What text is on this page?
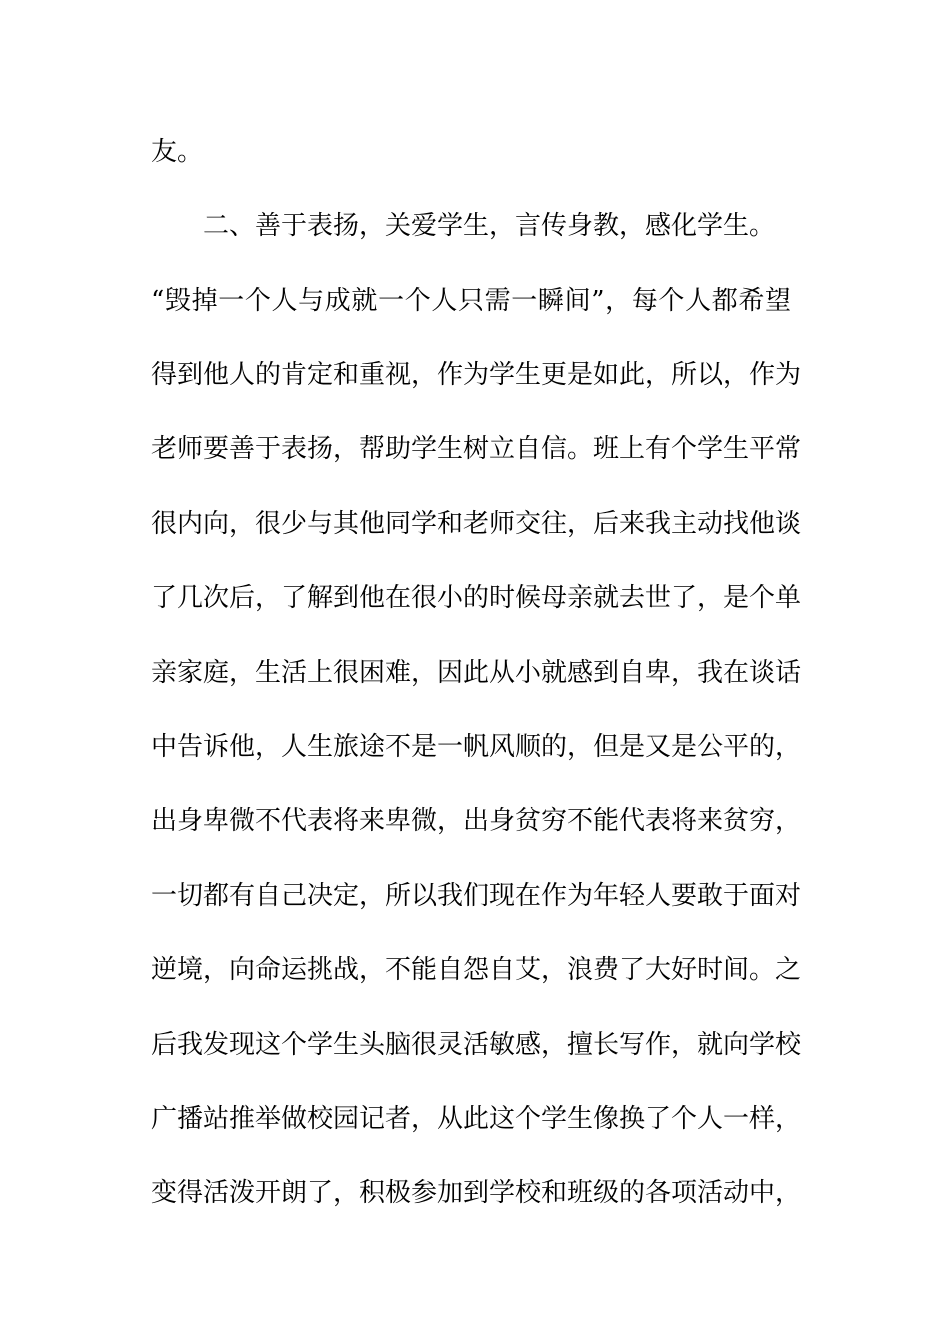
友。
二、善于表扬，关爱学生，言传身教，感化学生。
“毁掉一个人与成就一个人只需一瞬间”，每个人都希望
得到他人的肯定和重视，作为学生更是如此，所以，作为
老师要善于表扬，帮助学生树立自信。班上有个学生平常
很内向，很少与其他同学和老师交往，后来我主动找他谈
了几次后，了解到他在很小的时候母亲就去世了，是个单
亲家庭，生活上很困难，因此从小就感到自卑，我在谈话
中告诉他，人生旅途不是一帆风顺的，但是又是公平的，
出身卑微不代表将来卑微，出身贫穷不能代表将来贫穷，
一切都有自己决定，所以我们现在作为年轻人要敢于面对
逆境，向命运挑战，不能自怨自艾，浪费了大好时间。之
后我发现这个学生头脑很灵活敏感，擅长写作，就向学校
广播站推举做校园记者，从此这个学生像换了个人一样，
变得活泼开朗了，积极参加到学校和班级的各项活动中，
